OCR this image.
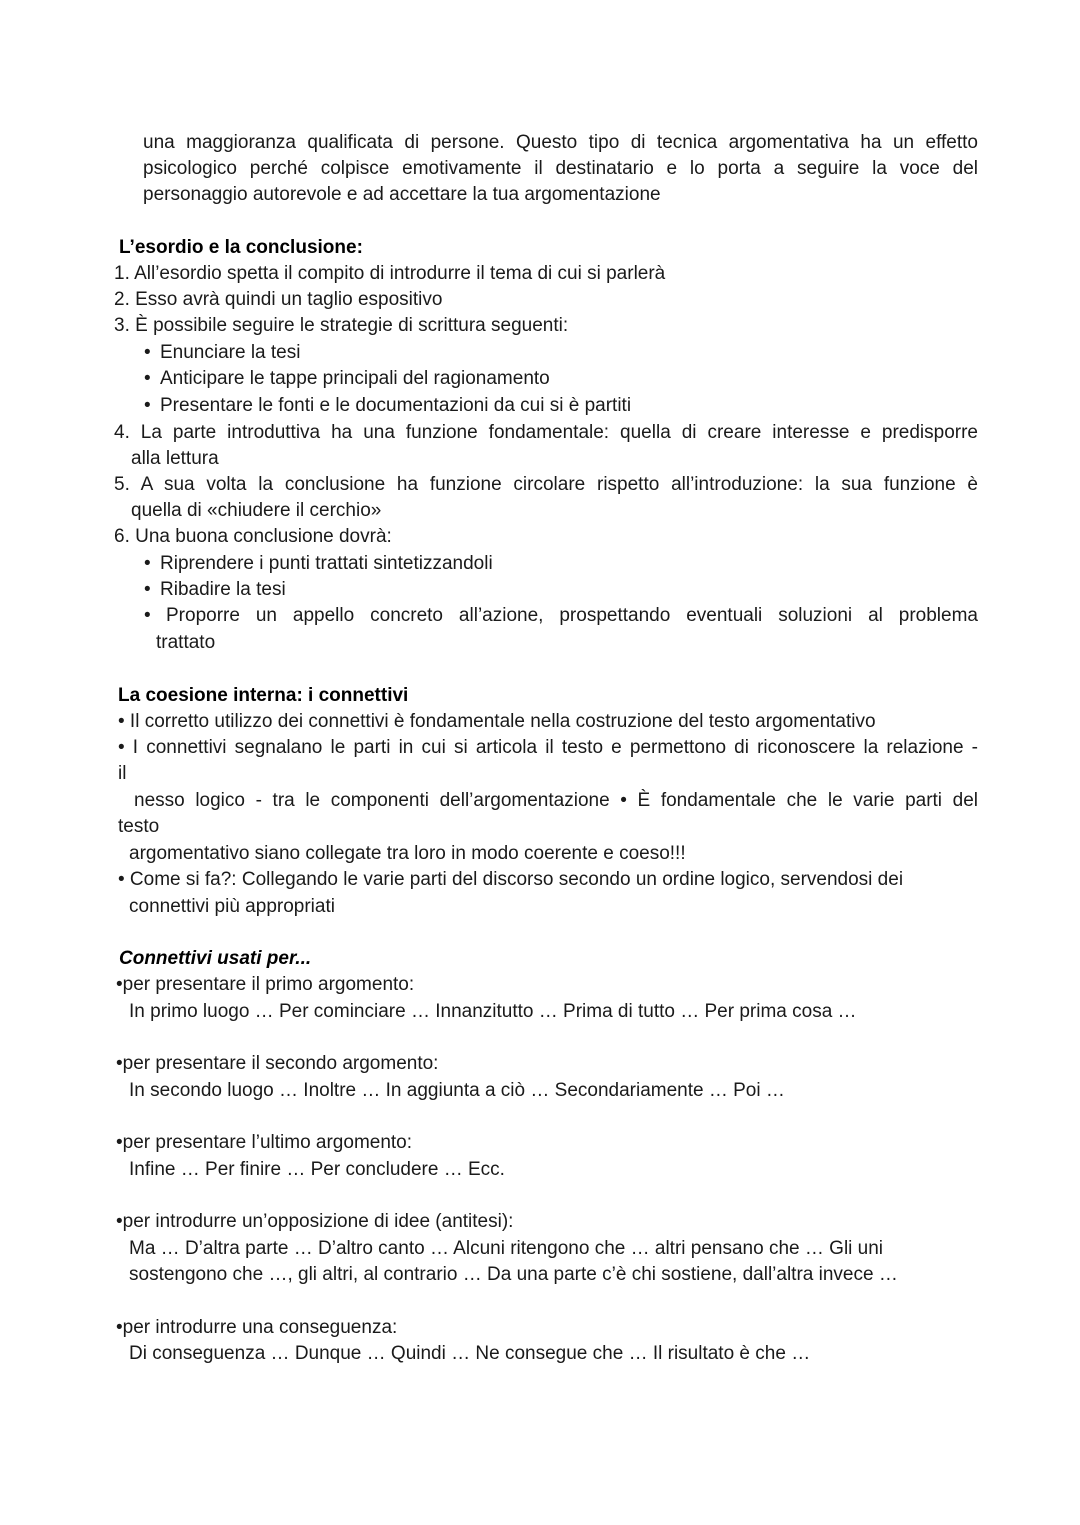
una maggioranza qualificata di persone. Questo tipo di tecnica argomentativa ha un effetto
psicologico perché colpisce emotivamente il destinatario e lo porta a seguire la voce del
personaggio autorevole e ad accettare la tua argomentazione
L’esordio e la conclusione:
1. All’esordio spetta il compito di introdurre il tema di cui si parlerà
2. Esso avrà quindi un taglio espositivo
3. È possibile seguire le strategie di scrittura seguenti:
• Enunciare la tesi
• Anticipare le tappe principali del ragionamento
• Presentare le fonti e le documentazioni da cui si è partiti
4. La parte introduttiva ha una funzione fondamentale: quella di creare interesse e predisporre
alla lettura
5. A sua volta la conclusione ha funzione circolare rispetto all’introduzione: la sua funzione è
quella di «chiudere il cerchio»
6. Una buona conclusione dovrà:
• Riprendere i punti trattati sintetizzandoli
• Ribadire la tesi
• Proporre un appello concreto all’azione, prospettando eventuali soluzioni al problema
trattato
La coesione interna: i connettivi
• Il corretto utilizzo dei connettivi è fondamentale nella costruzione del testo argomentativo
• I connettivi segnalano le parti in cui si articola il testo e permettono di riconoscere la relazione -
il
nesso logico - tra le componenti dell’argomentazione • È fondamentale che le varie parti del
testo
argomentativo siano collegate tra loro in modo coerente e coeso!!!
• Come si fa?: Collegando le varie parti del discorso secondo un ordine logico, servendosi dei
connettivi più appropriati
Connettivi usati per...
•per presentare il primo argomento:
In primo luogo … Per cominciare … Innanzitutto … Prima di tutto … Per prima cosa …
•per presentare il secondo argomento:
In secondo luogo … Inoltre … In aggiunta a ciò … Secondariamente … Poi …
•per presentare l’ultimo argomento:
Infine … Per finire … Per concludere … Ecc.
•per introdurre un’opposizione di idee (antitesi):
Ma … D’altra parte … D’altro canto … Alcuni ritengono che … altri pensano che … Gli uni
sostengono che …, gli altri, al contrario … Da una parte c’è chi sostiene, dall’altra invece …
•per introdurre una conseguenza:
Di conseguenza … Dunque … Quindi … Ne consegue che … Il risultato è che …
